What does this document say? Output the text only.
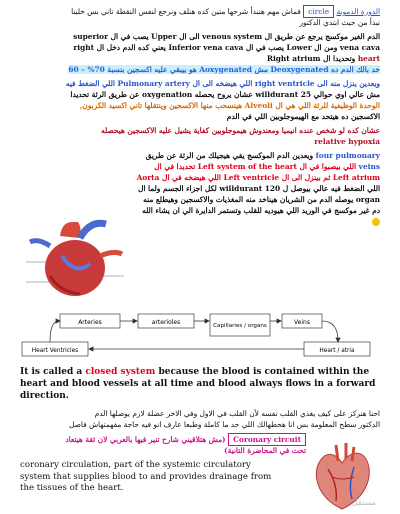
الدورة الدموية circle فماش مهم هنبدأ شرحها متين كده هنلف ونرجع لنفس النقطة تاني بس خلينا

نبدأ من حيث ابتدي الدكتور

الدم الغير موكسج يرجع عن طريق ال venous system الى ال Upper يصب في ال superior

vena cava ومن ال Lower يصب في ال Inferior vena cava يعني كده الدم دخل ال right

heart وتحديدا ال Right atrium

خد بالك الدم ده Deoxygenated مش Aoxygenated هو بيبقي عليه اكسجين بنسبة 70% – 60

ويعدين ينزل منه الى right ventricle اللي هيضخه الى ال Pulmonary artery اللي الضغط فيه

مش عالي اوي حوالي 25 willdurant عشان يروح يحصله oxygenation عن طريق الرئة تحديدا

الوحدة الوظيفية للرئة اللي هي ال Alveoli هينسحب منها الاكسجين وينتقلها تاني اكسيد الكربون,

الاكسجين ده هيتحد مع الهيموجلوبين اللي في الدم

عشان كده لو شخص عنده انيميا ومعندوش هيموجلوبين كفاية يشيل عليه الاكسجين هيحصله

relative hypoxia

four pulmonary ويعدين الدم الموكسج يقي هيجيلك من الرئة عن طريق

veins اللي بيصبوا في ال Left system of the heart تحديدا في ال

Left atrium ثم بينزل الى ال Left ventricle اللي هيضخه في ال Aorta

اللي الضغط فيه عالي بيوصل ل 120 willdurant لكل اجزاء الجسم ولما ال

organ يوصله الدم من الشريان هيناخد منه المغذيات والاكسجين وهيطلع منه

دم غير موكسج في الوريد اللي هيوديه للقلب وتستمر الدايرة الي ان يشاء الله

Arteries	arterioles	Capillaries / organs	Veins
Heart Ventricles	Heart / atria

It is called a closed system because the blood is contained within the

heart and blood vessels at all time and blood always flows in a forward

direction.

احنا هنركز على كيف يغذي القلب نفسه لأن القلب في الاول وفي الاخر عضلة لازم يوصلها الدم

الدكتور سطح المعلومة بس انا هحطهالك اللي حد ما كاملة وطبعا عارف انو فيه حاجة مفهمتهاش فاصل

Coronary circuit (مش هتلاقيني شارح تنير فيها بالعربي لان ثقة هيتعاد

تحت في المحاضرة التانية)

coronary circulation, part of the systemic circulatory

system that supplies blood to and provides drainage from

the tissues of the heart.

مستقل
